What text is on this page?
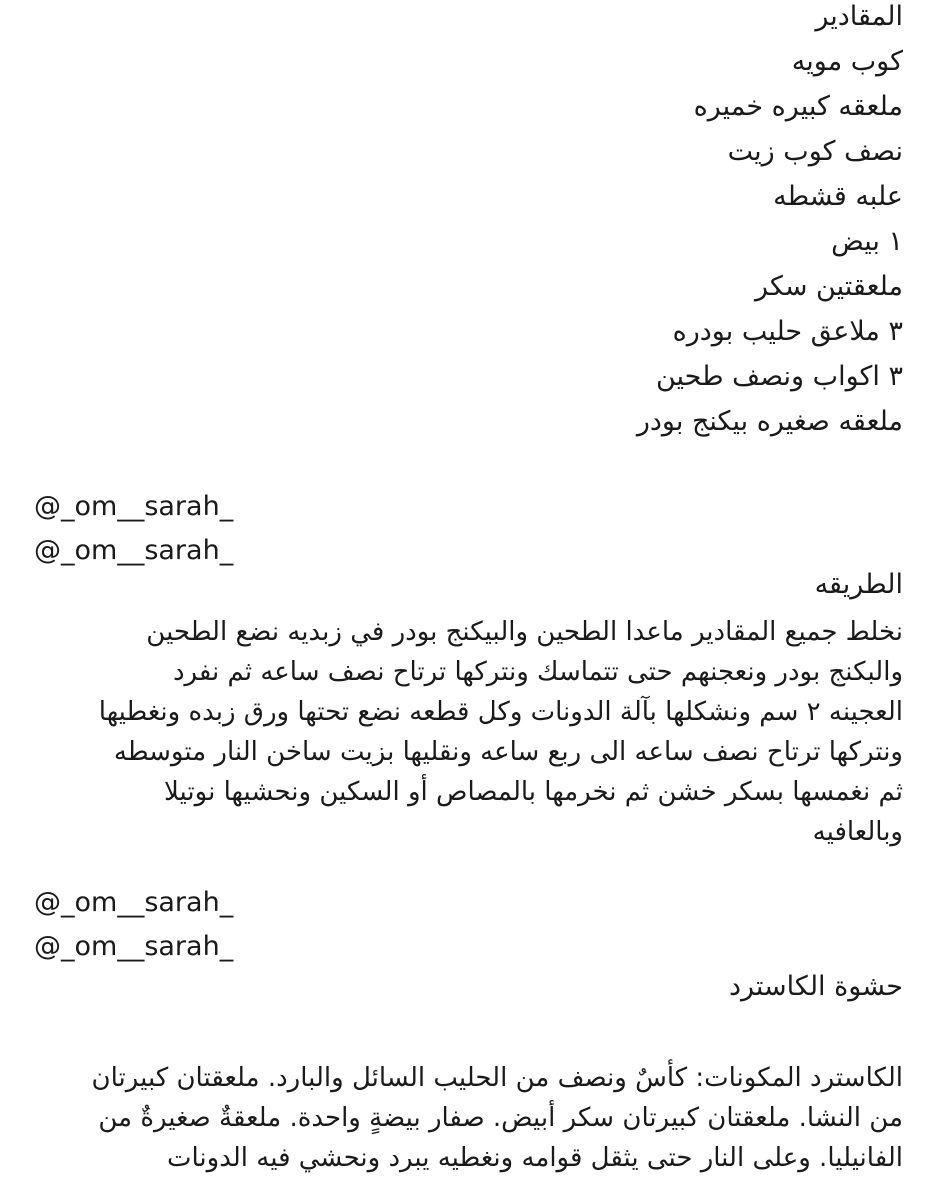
المقادير
كوب مويه
ملعقه كبيره خميره
نصف كوب زيت
علبه قشطه
١ بيض
ملعقتين سكر
٣ ملاعق حليب بودره
٣ اكواب ونصف طحين
ملعقه صغيره بيكنج بودر
@_om__sarah_
@_om__sarah_
الطريقه
نخلط جميع المقادير ماعدا الطحين والبيكنج بودر في زبديه نضع الطحين
والبكنج بودر ونعجنهم حتى تتماسك ونتركها ترتاح نصف ساعه ثم نفرد
العجينه ٢ سم ونشكلها بآلة الدونات وكل قطعه نضع تحتها ورق زبده ونغطيها
ونتركها ترتاح نصف ساعه الى ربع ساعه ونقليها بزيت ساخن النار متوسطه
ثم نغمسها بسكر خشن ثم نخرمها بالمصاص أو السكين ونحشيها نوتيلا
وبالعافيه
@_om__sarah_
@_om__sarah_
حشوة الكاسترد
الكاسترد المكونات: كأسٌ ونصف من الحليب السائل والبارد. ملعقتان كبيرتان
من النشا. ملعقتان كبيرتان سكر أبيض. صفار بيضةٍ واحدة. ملعقةٌ صغيرةٌ من
الفانيليا. وعلى النار حتى يثقل قوامه ونغطيه يبرد ونحشي فيه الدونات
